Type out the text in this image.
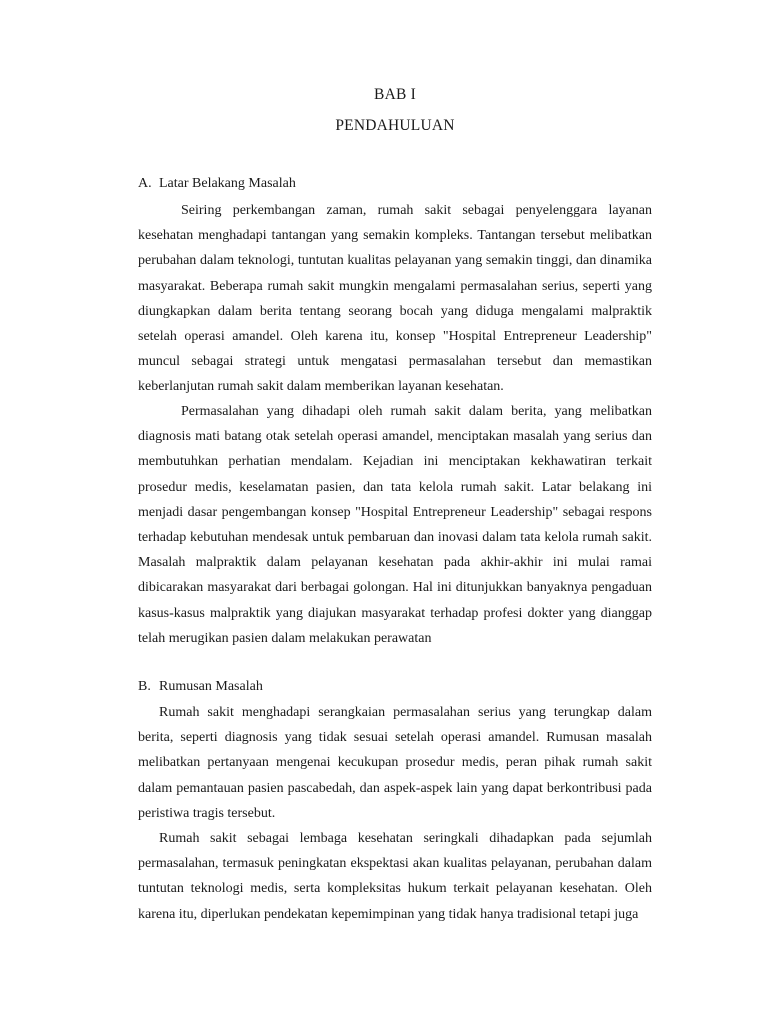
BAB I
PENDAHULUAN
A. Latar Belakang Masalah

Seiring perkembangan zaman, rumah sakit sebagai penyelenggara layanan kesehatan menghadapi tantangan yang semakin kompleks. Tantangan tersebut melibatkan perubahan dalam teknologi, tuntutan kualitas pelayanan yang semakin tinggi, dan dinamika masyarakat. Beberapa rumah sakit mungkin mengalami permasalahan serius, seperti yang diungkapkan dalam berita tentang seorang bocah yang diduga mengalami malpraktik setelah operasi amandel. Oleh karena itu, konsep "Hospital Entrepreneur Leadership" muncul sebagai strategi untuk mengatasi permasalahan tersebut dan memastikan keberlanjutan rumah sakit dalam memberikan layanan kesehatan.

Permasalahan yang dihadapi oleh rumah sakit dalam berita, yang melibatkan diagnosis mati batang otak setelah operasi amandel, menciptakan masalah yang serius dan membutuhkan perhatian mendalam. Kejadian ini menciptakan kekhawatiran terkait prosedur medis, keselamatan pasien, dan tata kelola rumah sakit. Latar belakang ini menjadi dasar pengembangan konsep "Hospital Entrepreneur Leadership" sebagai respons terhadap kebutuhan mendesak untuk pembaruan dan inovasi dalam tata kelola rumah sakit. Masalah malpraktik dalam pelayanan kesehatan pada akhir-akhir ini mulai ramai dibicarakan masyarakat dari berbagai golongan. Hal ini ditunjukkan banyaknya pengaduan kasus-kasus malpraktik yang diajukan masyarakat terhadap profesi dokter yang dianggap telah merugikan pasien dalam melakukan perawatan

B. Rumusan Masalah

Rumah sakit menghadapi serangkaian permasalahan serius yang terungkap dalam berita, seperti diagnosis yang tidak sesuai setelah operasi amandel. Rumusan masalah melibatkan pertanyaan mengenai kecukupan prosedur medis, peran pihak rumah sakit dalam pemantauan pasien pascabedah, dan aspek-aspek lain yang dapat berkontribusi pada peristiwa tragis tersebut.

Rumah sakit sebagai lembaga kesehatan seringkali dihadapkan pada sejumlah permasalahan, termasuk peningkatan ekspektasi akan kualitas pelayanan, perubahan dalam tuntutan teknologi medis, serta kompleksitas hukum terkait pelayanan kesehatan. Oleh karena itu, diperlukan pendekatan kepemimpinan yang tidak hanya tradisional tetapi juga
